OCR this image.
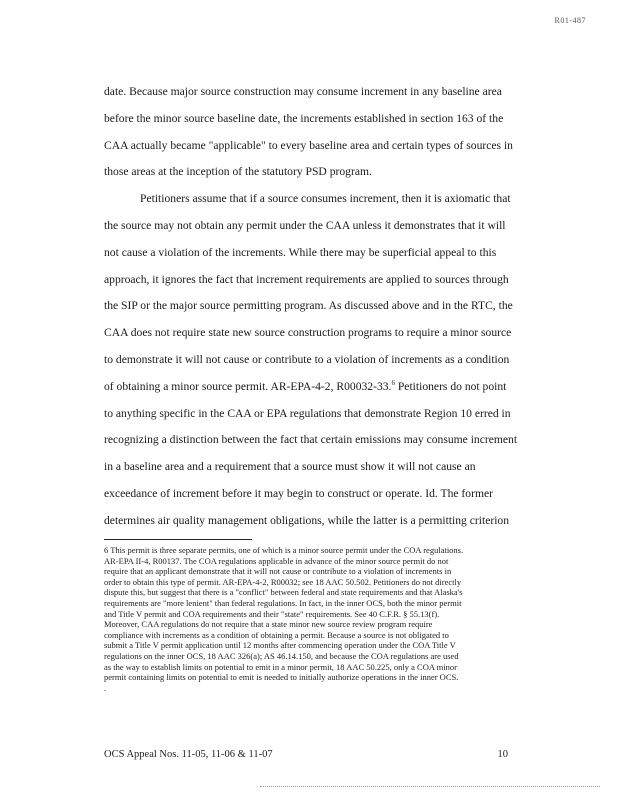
R01-487
date. Because major source construction may consume increment in any baseline area
before the minor source baseline date, the increments established in section 163 of the
CAA actually became "applicable" to every baseline area and certain types of sources in
those areas at the inception of the statutory PSD program.
Petitioners assume that if a source consumes increment, then it is axiomatic that
the source may not obtain any permit under the CAA unless it demonstrates that it will
not cause a violation of the increments. While there may be superficial appeal to this
approach, it ignores the fact that increment requirements are applied to sources through
the SIP or the major source permitting program. As discussed above and in the RTC, the
CAA does not require state new source construction programs to require a minor source
to demonstrate it will not cause or contribute to a violation of increments as a condition
of obtaining a minor source permit. AR-EPA-4-2, R00032-33.$^6$ Petitioners do not point
to anything specific in the CAA or EPA regulations that demonstrate Region 10 erred in
recognizing a distinction between the fact that certain emissions may consume increment
in a baseline area and a requirement that a source must show it will not cause an
exceedance of increment before it may begin to construct or operate. Id. The former
determines air quality management obligations, while the latter is a permitting criterion
6 This permit is three separate permits, one of which is a minor source permit under the COA regulations.
AR-EPA II-4, R00137. The COA regulations applicable in advance of the minor source permit do not
require that an applicant demonstrate that it will not cause or contribute to a violation of increments in
order to obtain this type of permit. AR-EPA-4-2, R00032; see 18 AAC 50.502. Petitioners do not directly
dispute this, but suggest that there is a "conflict" between federal and state requirements and that Alaska's
requirements are "more lenient" than federal regulations. In fact, in the inner OCS, both the minor permit
and Title V permit and COA requirements and their "state" requirements. See 40 C.F.R. § 55.13(f).
Moreover, CAA regulations do not require that a state minor new source review program require
compliance with increments as a condition of obtaining a permit. Because a source is not obligated to
submit a Title V permit application until 12 months after commencing operation under the COA Title V
regulations on the inner OCS, 18 AAC 326(a); AS 46.14.150, and because the COA regulations are used
as the way to establish limits on potential to emit in a minor permit, 18 AAC 50.225, only a COA minor
permit containing limits on potential to emit is needed to initially authorize operations in the inner OCS.
.
OCS Appeal Nos. 11-05, 11-06 & 11-07	10
